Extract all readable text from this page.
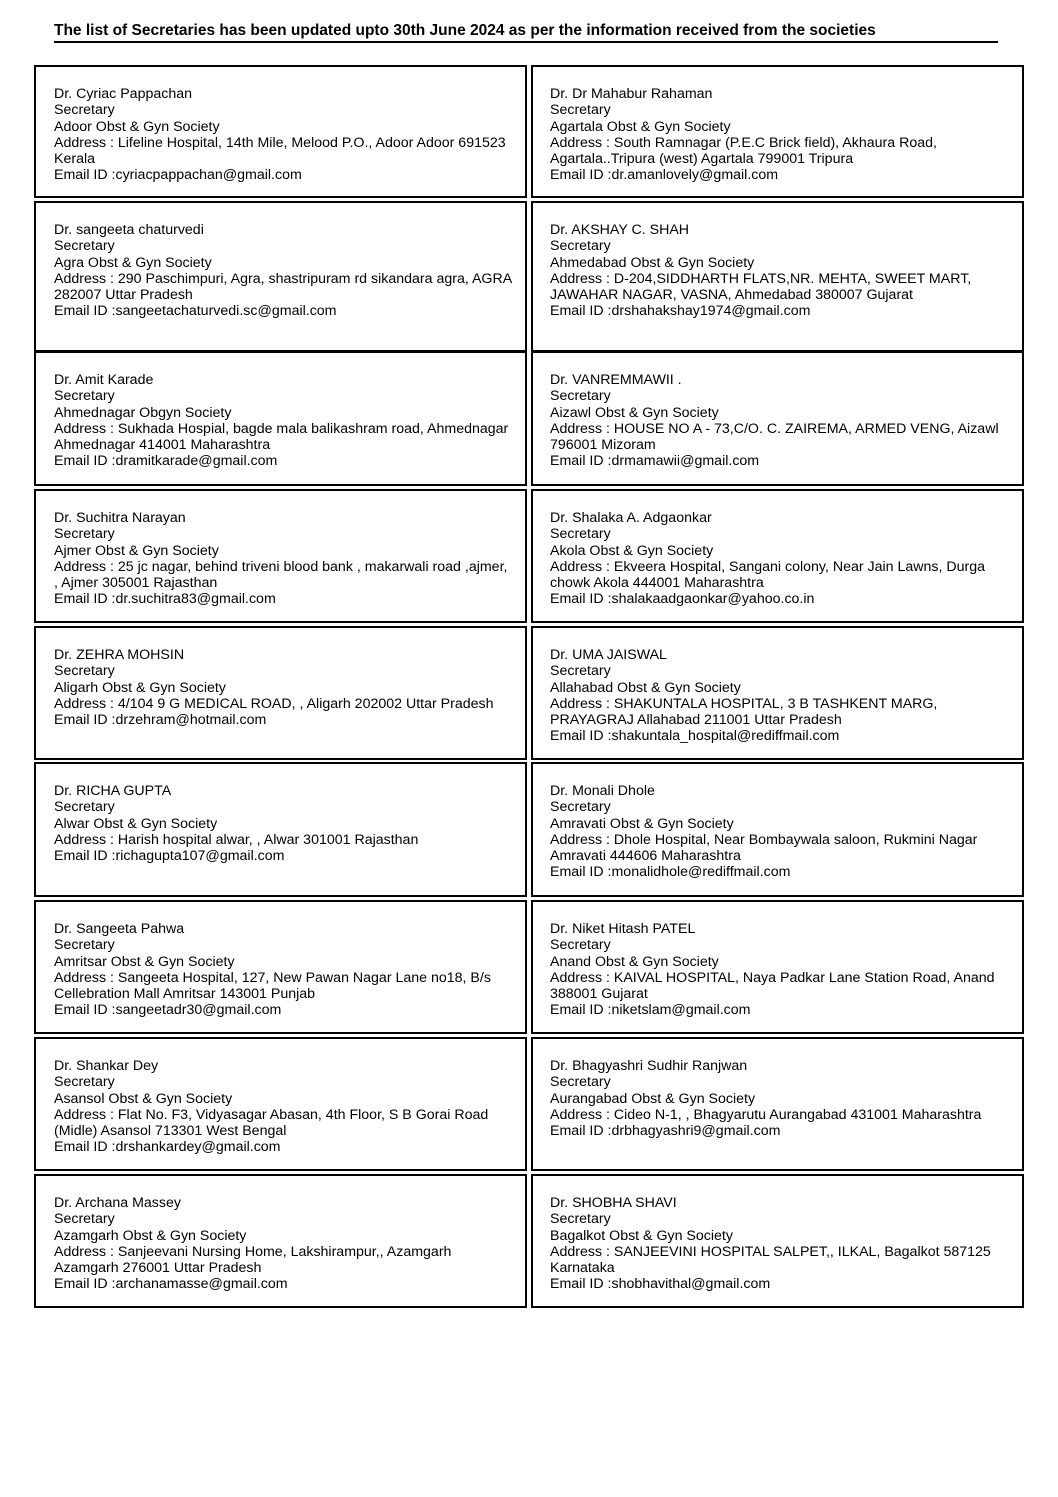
The list of Secretaries has been updated upto 30th June 2024 as per the information received from the societies
Dr. Cyriac Pappachan
Secretary
Adoor Obst & Gyn Society
Address : Lifeline Hospital, 14th Mile, Melood P.O., Adoor Adoor 691523 Kerala
Email ID :cyriacpappachan@gmail.com
Dr. Dr Mahabur Rahaman
Secretary
Agartala Obst & Gyn Society
Address : South Ramnagar (P.E.C Brick field), Akhaura Road, Agartala..Tripura (west) Agartala 799001 Tripura
Email ID :dr.amanlovely@gmail.com
Dr. sangeeta chaturvedi
Secretary
Agra Obst & Gyn Society
Address : 290 Paschimpuri, Agra, shastripuram rd sikandara agra, AGRA 282007 Uttar Pradesh
Email ID :sangeetachaturvedi.sc@gmail.com
Dr. AKSHAY C. SHAH
Secretary
Ahmedabad Obst & Gyn Society
Address : D-204,SIDDHARTH FLATS,NR. MEHTA, SWEET MART, JAWAHAR NAGAR, VASNA, Ahmedabad 380007 Gujarat
Email ID :drshahakshay1974@gmail.com
Dr. Amit Karade
Secretary
Ahmednagar Obgyn Society
Address : Sukhada Hospial, bagde mala balikashram road, Ahmednagar Ahmednagar 414001 Maharashtra
Email ID :dramitkarade@gmail.com
Dr. VANREMMAWII .
Secretary
Aizawl Obst & Gyn Society
Address : HOUSE NO A - 73,C/O. C. ZAIREMA, ARMED VENG, Aizawl 796001 Mizoram
Email ID :drmamawii@gmail.com
Dr. Suchitra Narayan
Secretary
Ajmer Obst & Gyn Society
Address : 25 jc nagar, behind triveni blood bank , makarwali road ,ajmer, , Ajmer 305001 Rajasthan
Email ID :dr.suchitra83@gmail.com
Dr. Shalaka A. Adgaonkar
Secretary
Akola Obst & Gyn Society
Address : Ekveera Hospital, Sangani colony, Near Jain Lawns, Durga chowk Akola 444001 Maharashtra
Email ID :shalakaadgaonkar@yahoo.co.in
Dr. ZEHRA MOHSIN
Secretary
Aligarh Obst & Gyn Society
Address : 4/104 9 G MEDICAL ROAD, , Aligarh 202002 Uttar Pradesh
Email ID :drzehram@hotmail.com
Dr. UMA JAISWAL
Secretary
Allahabad Obst & Gyn Society
Address : SHAKUNTALA HOSPITAL, 3 B TASHKENT MARG, PRAYAGRAJ Allahabad 211001 Uttar Pradesh
Email ID :shakuntala_hospital@rediffmail.com
Dr. RICHA GUPTA
Secretary
Alwar Obst & Gyn Society
Address : Harish hospital alwar, , Alwar 301001 Rajasthan
Email ID :richagupta107@gmail.com
Dr. Monali Dhole
Secretary
Amravati Obst & Gyn Society
Address : Dhole Hospital, Near Bombaywala saloon, Rukmini Nagar Amravati 444606 Maharashtra
Email ID :monalidhole@rediffmail.com
Dr. Sangeeta Pahwa
Secretary
Amritsar Obst & Gyn Society
Address : Sangeeta Hospital, 127, New Pawan Nagar Lane no18, B/s Cellebration Mall Amritsar 143001 Punjab
Email ID :sangeetadr30@gmail.com
Dr. Niket Hitash PATEL
Secretary
Anand Obst & Gyn Society
Address : KAIVAL HOSPITAL, Naya Padkar Lane Station Road, Anand 388001 Gujarat
Email ID :niketslam@gmail.com
Dr. Shankar Dey
Secretary
Asansol Obst & Gyn Society
Address : Flat No. F3, Vidyasagar Abasan, 4th Floor, S B Gorai Road (Midle) Asansol 713301 West Bengal
Email ID :drshankardey@gmail.com
Dr. Bhagyashri Sudhir Ranjwan
Secretary
Aurangabad Obst & Gyn Society
Address : Cideo N-1, , Bhagyarutu Aurangabad 431001 Maharashtra
Email ID :drbhagyashri9@gmail.com
Dr. Archana Massey
Secretary
Azamgarh Obst & Gyn Society
Address : Sanjeevani Nursing Home, Lakshirampur,, Azamgarh Azamgarh 276001 Uttar Pradesh
Email ID :archanamasse@gmail.com
Dr. SHOBHA SHAVI
Secretary
Bagalkot Obst & Gyn Society
Address : SANJEEVINI HOSPITAL SALPET,, ILKAL, Bagalkot 587125 Karnataka
Email ID :shobhavithal@gmail.com
